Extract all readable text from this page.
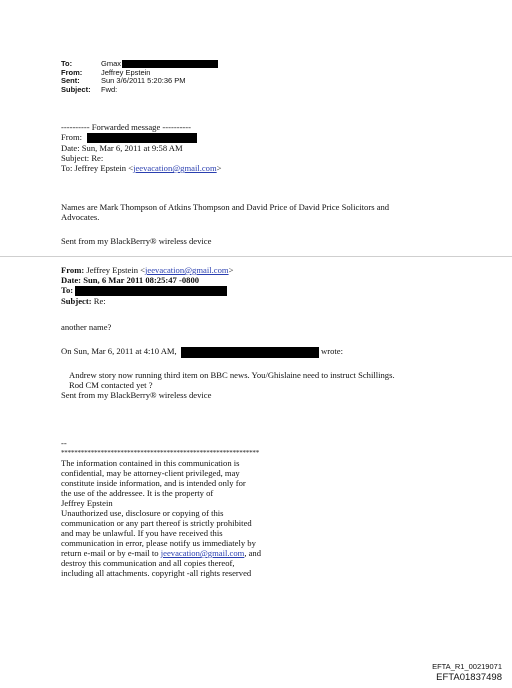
To:	Gmax
From:	Jeffrey Epstein
Sent:	Sun 3/6/2011 5:20:36 PM
Subject:	Fwd:
---------- Forwarded message ----------
From:
Date: Sun, Mar 6, 2011 at 9:58 AM
Subject: Re:
To: Jeffrey Epstein <jeevacation@gmail.com>
Names are Mark Thompson of Atkins Thompson and David Price of David Price Solicitors and
Advocates.
Sent from my BlackBerry® wireless device
From: Jeffrey Epstein <jeevacation@gmail.com>
Date: Sun, 6 Mar 2011 08:25:47 -0800
To:
Subject: Re:
another name?
On Sun, Mar 6, 2011 at 4:10 AM,	wrote:
Andrew story now running third item on BBC news. You/Ghislaine need to instruct Schillings.
Rod CM contacted yet ?
Sent from my BlackBerry® wireless device
--
************************************************************
The information contained in this communication is
confidential, may be attorney-client privileged, may
constitute inside information, and is intended only for
the use of the addressee. It is the property of
Jeffrey Epstein
Unauthorized use, disclosure or copying of this
communication or any part thereof is strictly prohibited
and may be unlawful. If you have received this
communication in error, please notify us immediately by
return e-mail or by e-mail to jeevacation@gmail.com, and
destroy this communication and all copies thereof,
including all attachments. copyright -all rights reserved
EFTA_R1_00219071
EFTA01837498
